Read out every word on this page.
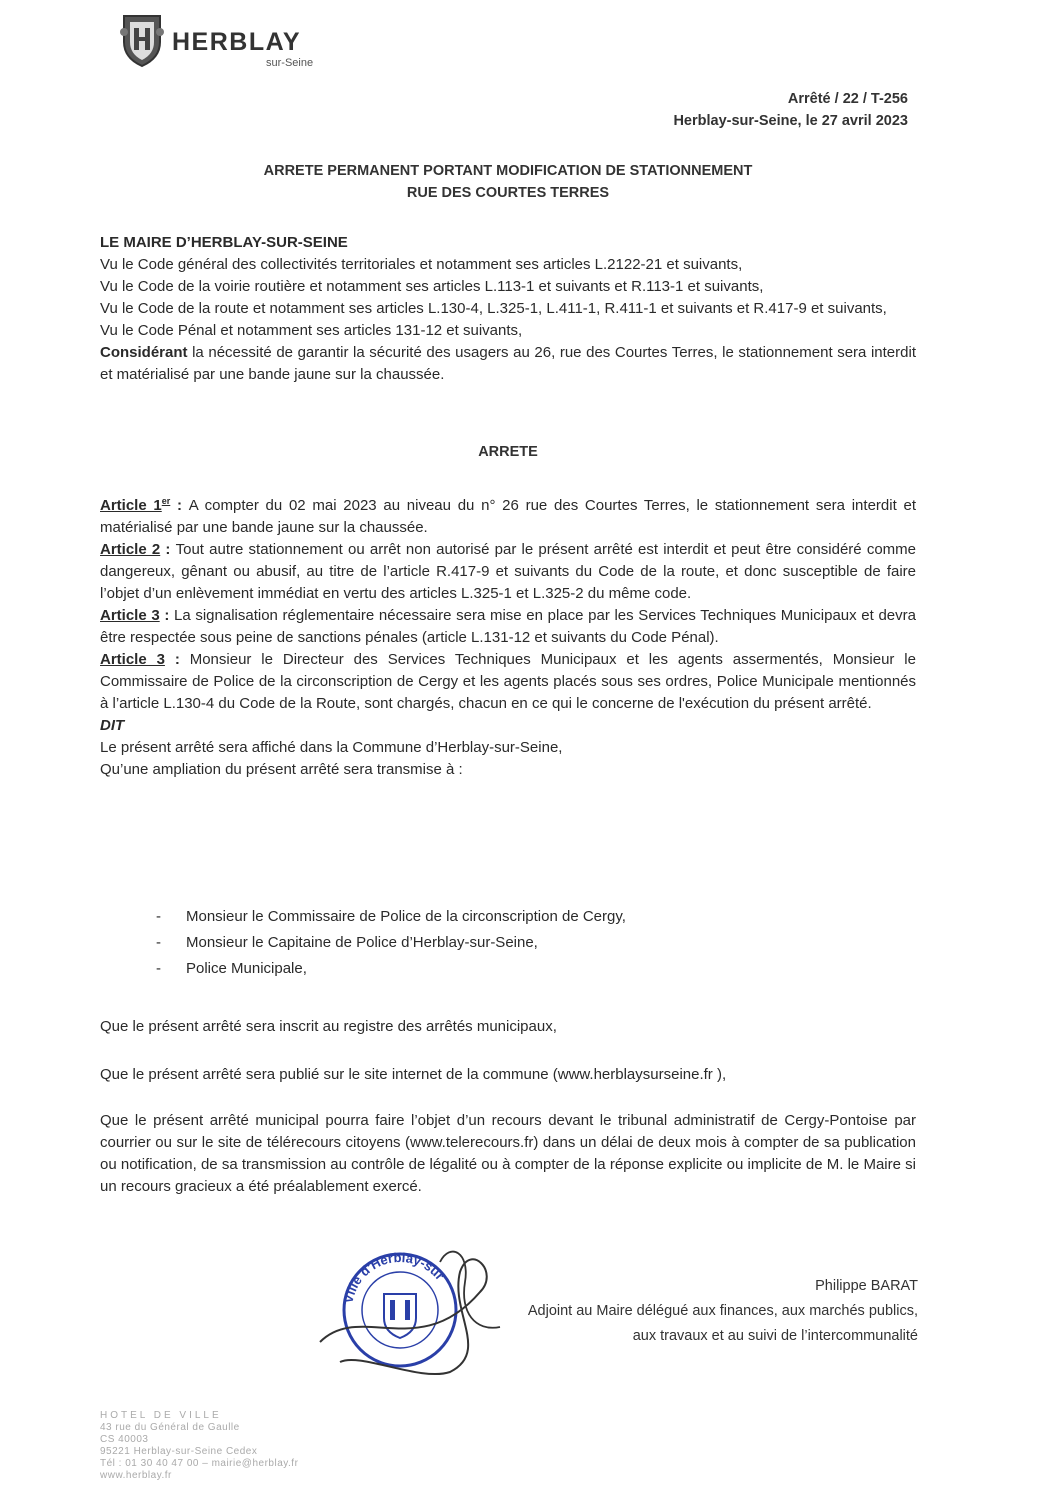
HERBLAY
sur-Seine
Arrêté / 22 / T-256
Herblay-sur-Seine, le 27 avril 2023
ARRETE PERMANENT PORTANT MODIFICATION DE STATIONNEMENT
RUE DES COURTES TERRES

LE MAIRE D’HERBLAY-SUR-SEINE

Vu le Code général des collectivités territoriales et notamment ses articles L.2122-21 et suivants,

Vu le Code de la voirie routière et notamment ses articles L.113-1 et suivants et R.113-1 et suivants,

Vu le Code de la route et notamment ses articles L.130-4, L.325-1, L.411-1, R.411-1 et suivants et R.417-9 et suivants,

Vu le Code Pénal et notamment ses articles 131-12 et suivants,

Considérant la nécessité de garantir la sécurité des usagers au 26, rue des Courtes Terres, le stationnement sera interdit et matérialisé par une bande jaune sur la chaussée.

ARRETE

Article 1er : A compter du 02 mai 2023 au niveau du n° 26 rue des Courtes Terres, le stationnement sera interdit et matérialisé par une bande jaune sur la chaussée.

Article 2 : Tout autre stationnement ou arrêt non autorisé par le présent arrêté est interdit et peut être considéré comme dangereux, gênant ou abusif, au titre de l’article R.417-9 et suivants du Code de la route, et donc susceptible de faire l’objet d’un enlèvement immédiat en vertu des articles L.325-1 et L.325-2 du même code.

Article 3 : La signalisation réglementaire nécessaire sera mise en place par les Services Techniques Municipaux et devra être respectée sous peine de sanctions pénales (article L.131-12 et suivants du Code Pénal).

Article 3 : Monsieur le Directeur des Services Techniques Municipaux et les agents assermentés, Monsieur le Commissaire de Police de la circonscription de Cergy et les agents placés sous ses ordres, Police Municipale mentionnés à l’article L.130-4 du Code de la Route, sont chargés, chacun en ce qui le concerne de l'exécution du présent arrêté.

DIT

Le présent arrêté sera affiché dans la Commune d’Herblay-sur-Seine,

Qu’une ampliation du présent arrêté sera transmise à :

- Monsieur le Commissaire de Police de la circonscription de Cergy,
- Monsieur le Capitaine de Police d’Herblay-sur-Seine,
- Police Municipale,
Que le présent arrêté sera inscrit au registre des arrêtés municipaux,
Que le présent arrêté sera publié sur le site internet de la commune (www.herblaysurseine.fr ),
Que le présent arrêté municipal pourra faire l’objet d’un recours devant le tribunal administratif de Cergy-Pontoise par courrier ou sur le site de télérecours citoyens (www.telerecours.fr) dans un délai de deux mois à compter de sa publication ou notification, de sa transmission au contrôle de légalité ou à compter de la réponse explicite ou implicite de M. le Maire si un recours gracieux a été préalablement exercé.
Ville d'Herblay-sur
Philippe BARAT
Adjoint au Maire délégué aux finances, aux marchés publics,
aux travaux et au suivi de l’intercommunalité
HOTEL DE VILLE
43 rue du Général de Gaulle
CS 40003
95221 Herblay-sur-Seine Cedex
Tél : 01 30 40 47 00 – mairie@herblay.fr
www.herblay.fr
